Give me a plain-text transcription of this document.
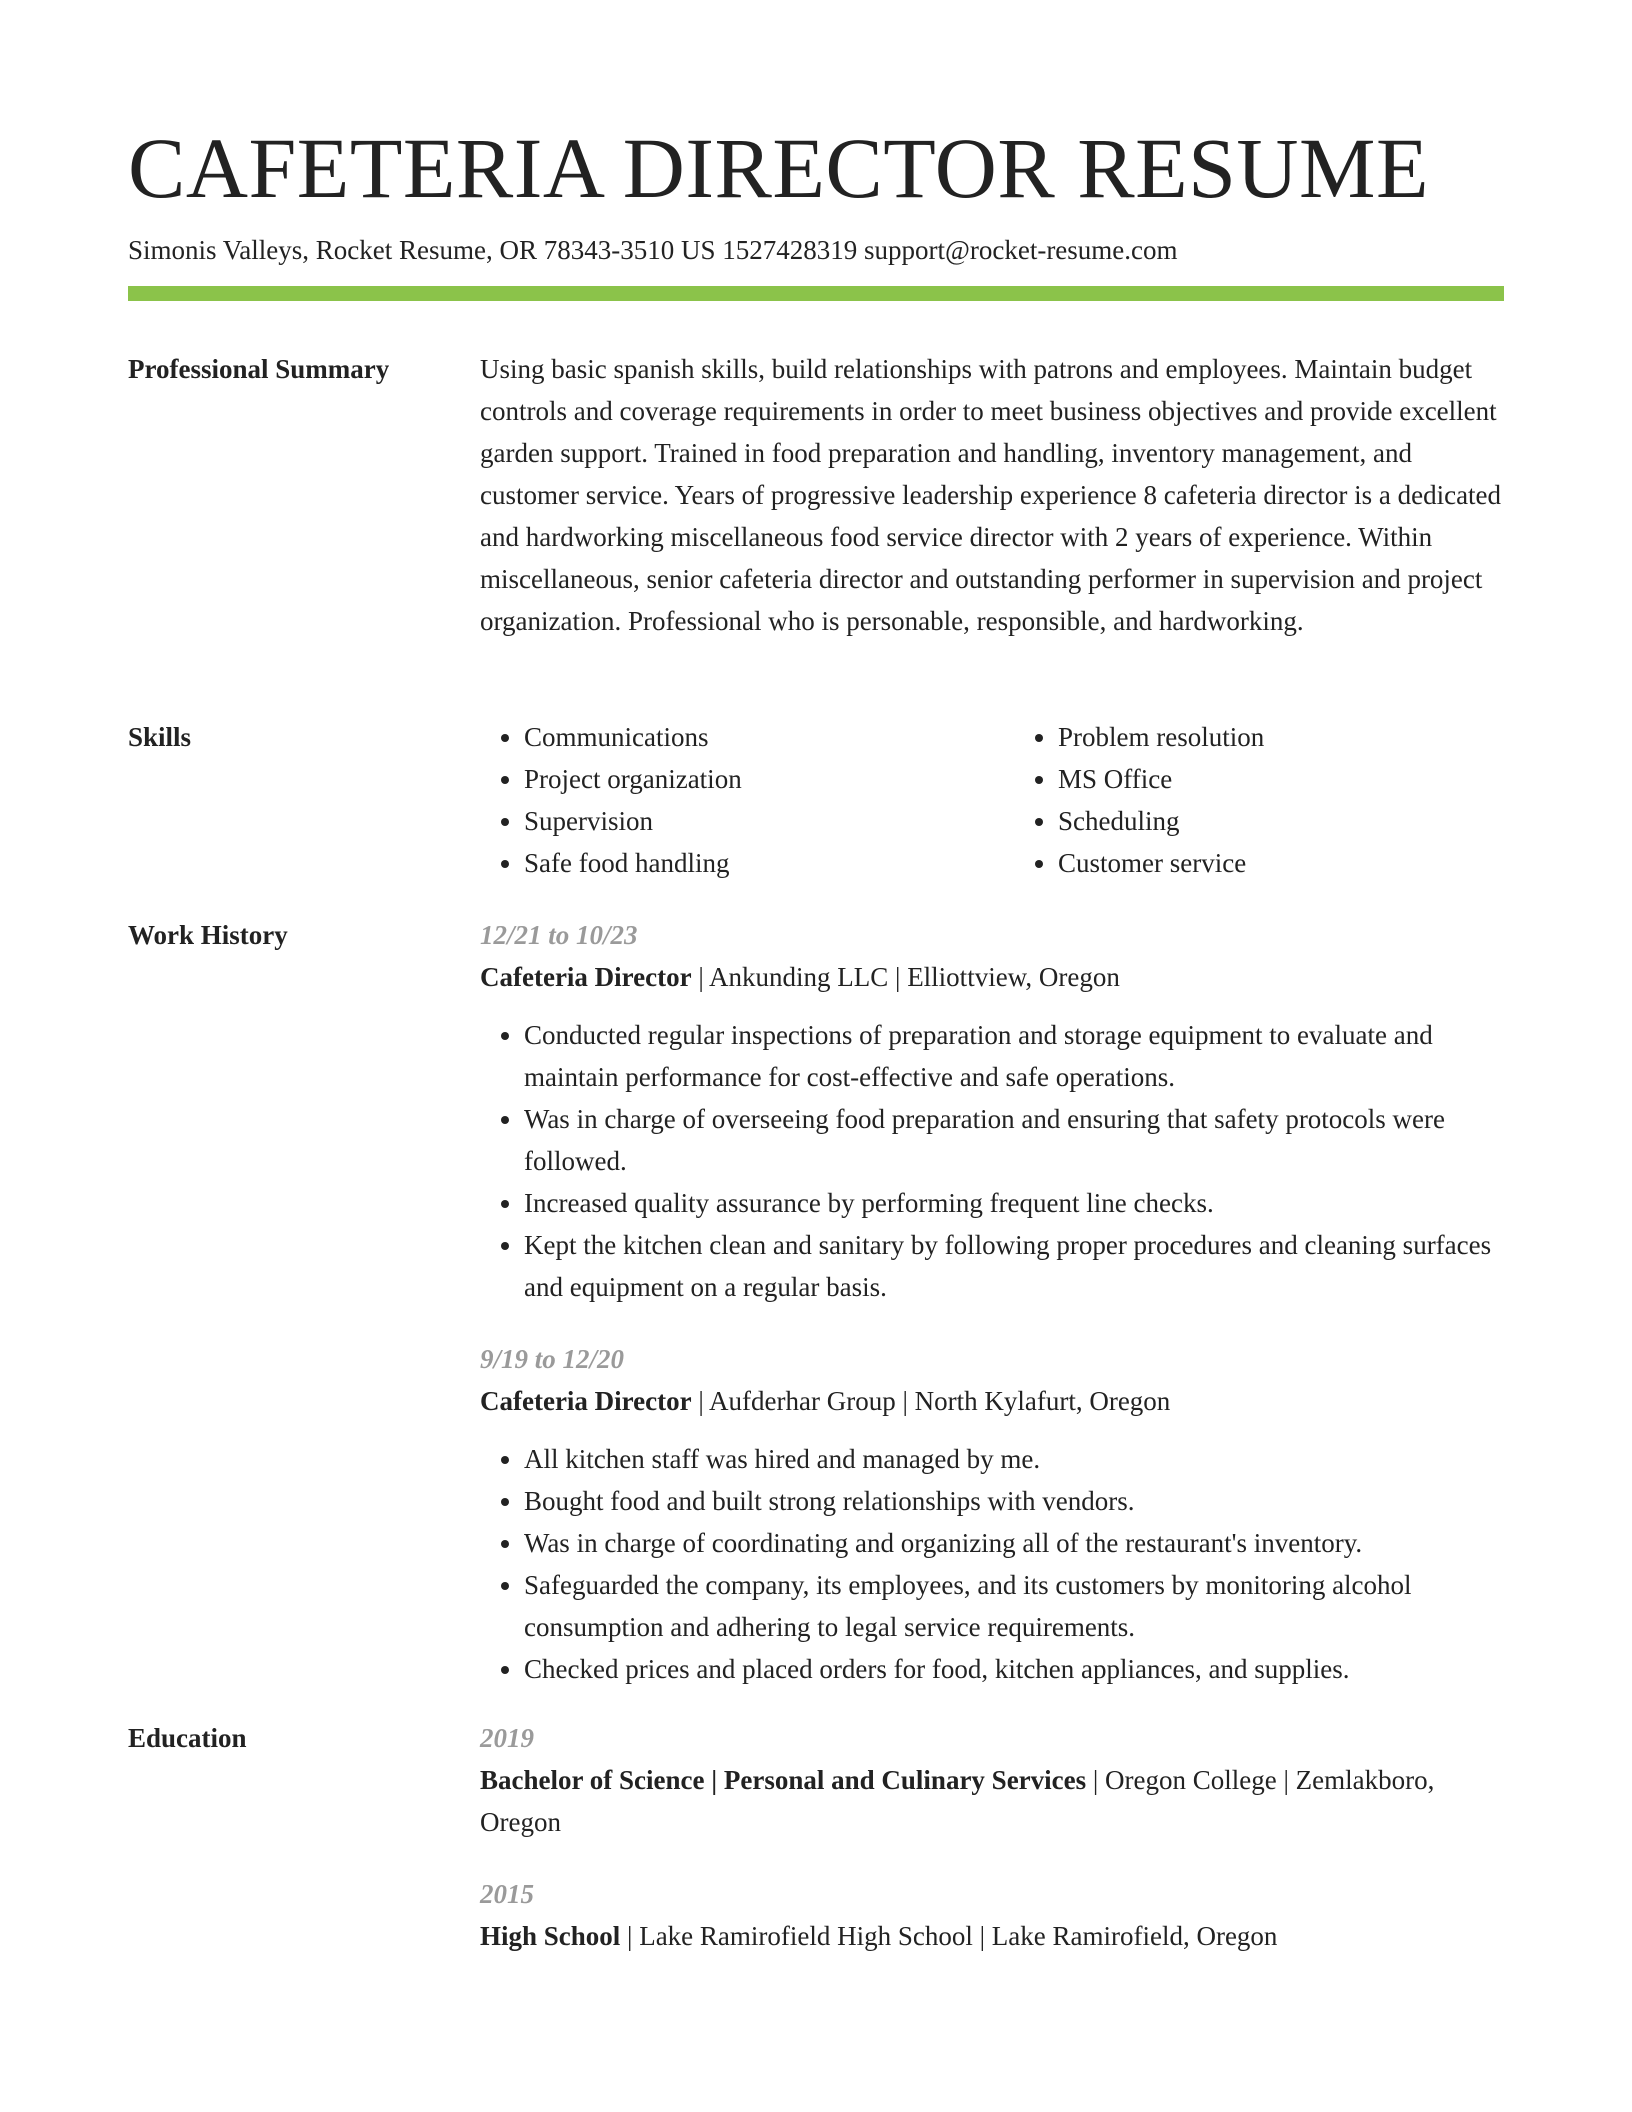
CAFETERIA DIRECTOR RESUME
Simonis Valleys, Rocket Resume, OR 78343-3510 US 1527428319 support@rocket-resume.com
Professional Summary	Using basic spanish skills, build relationships with patrons and employees. Maintain budget controls and coverage requirements in order to meet business objectives and provide excellent garden support. Trained in food preparation and handling, inventory management, and customer service. Years of progressive leadership experience 8 cafeteria director is a dedicated and hardworking miscellaneous food service director with 2 years of experience. Within miscellaneous, senior cafeteria director and outstanding performer in supervision and project organization. Professional who is personable, responsible, and hardworking.

Skills
•	Communications
• Project organization
• Supervision
• Safe food handling
• Problem resolution
• MS Office
• Scheduling
• Customer service
Work History	12/21 to 10/23
Cafeteria Director | Ankunding LLC | Elliottview, Oregon
• Conducted regular inspections of preparation and storage equipment to evaluate and maintain performance for cost-effective and safe operations.
• Was in charge of overseeing food preparation and ensuring that safety protocols were followed.
• Increased quality assurance by performing frequent line checks.
• Kept the kitchen clean and sanitary by following proper procedures and cleaning surfaces and equipment on a regular basis.
9/19 to 12/20
Cafeteria Director | Aufderhar Group | North Kylafurt, Oregon
• All kitchen staff was hired and managed by me.
• Bought food and built strong relationships with vendors.
• Was in charge of coordinating and organizing all of the restaurant's inventory.
• Safeguarded the company, its employees, and its customers by monitoring alcohol consumption and adhering to legal service requirements.
• Checked prices and placed orders for food, kitchen appliances, and supplies.
Education	2019
Bachelor of Science | Personal and Culinary Services | Oregon College | Zemlakboro, Oregon
2015
High School | Lake Ramirofield High School | Lake Ramirofield, Oregon
